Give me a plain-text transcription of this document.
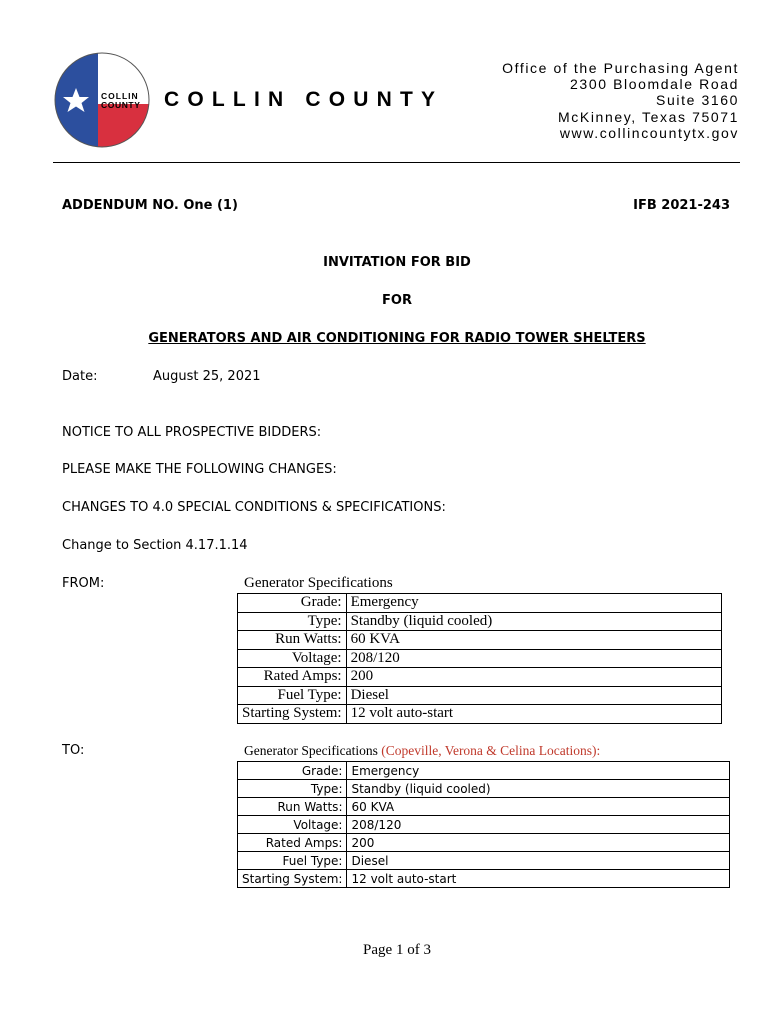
COLLIN
COUNTY COLLIN COUNTY
Office of the Purchasing Agent
2300 Bloomdale Road
Suite 3160
McKinney, Texas 75071
www.collincountytx.gov
ADDENDUM NO. One (1)	IFB 2021-243
INVITATION FOR BID
FOR
GENERATORS AND AIR CONDITIONING FOR RADIO TOWER SHELTERS
Date:	August 25, 2021
NOTICE TO ALL PROSPECTIVE BIDDERS:
PLEASE MAKE THE FOLLOWING CHANGES:
CHANGES TO 4.0 SPECIAL CONDITIONS & SPECIFICATIONS:
Change to Section 4.17.1.14
FROM:	Generator Specifications
Grade:	Emergency
Type:	Standby (liquid cooled)
Run Watts:	60 KVA
Voltage:	208/120
Rated Amps:	200
Fuel Type:	Diesel
Starting System:	12 volt auto-start
TO:	Generator Specifications (Copeville, Verona & Celina Locations):
Grade:	Emergency
Type:	Standby (liquid cooled)
Run Watts:	60 KVA
Voltage:	208/120
Rated Amps:	200
Fuel Type:	Diesel
Starting System:	12 volt auto-start
Page 1 of 3
